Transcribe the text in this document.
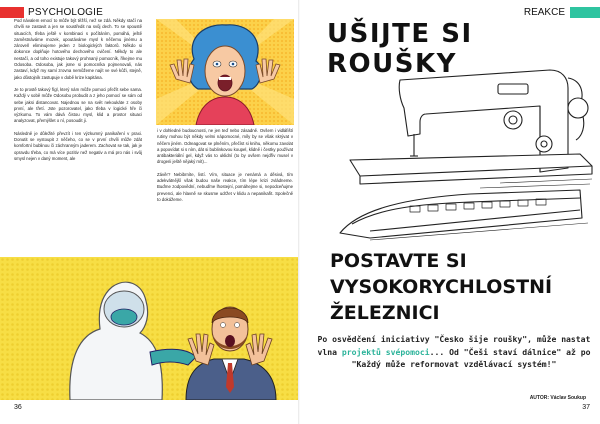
PSYCHOLOGIE

Pod návalem emocí to může být těžší, než se zdá. Někdy stačí na chvíli se zastavit a jen se soustředit na svůj dech. To se spoustě situacích, třeba ještě v kombinaci s počítáním, pomáhá, ještě zaměstnáváme mozek, upoutáváme mysl k něčemu jinému a zároveň eliminujeme jeden z biologických faktorů. Někdo si dokonce doplňuje hotového dechového cvičení. Někdy to ale nestačí, a od toho existuje takový prohnaný pomocník, říkejme mu Odosoba. Odosoba, jak jsme si pomocníka pojmenovali, nás zastaví, když my samí zrovna nemůžeme najít ve své kůži, stejně, jako důstojník zastupuje v době krize kapitána.

Je to prostě takový fígl, který nám může pomoci přežít sebe sama. Každý v sobě může Odosobu probudit a z jeho pomocí se sám od sebe jaksi distancovat. Najednou se na svět nekoukáte z osoby první, ale třetí. Jste pozorovatel, jako třeba v logické hře či výzkumu. To vám dává čistou mysl, klid a prostor situaci analyzovat, přemýšlet o ní, posoudit ji.

Následně je důležité převzít i ten výzkumný panikaření v praxi. Donutit se vystoupit z něčeho, co se v první chvíli může zdát komfortní bublinou či záchranným jaderem. Zachovat se tak, jak je opravdu třeba, co má více pozitiv než negativ a má pro nás i svůj smysl nejen v daný moment, ale

i v dohledné budoucnosti, ne jen teď nebo zásadně. Ovšem i vidláfiští rutiny mohou být někdy velmi nápomocné, míly by se však skrývat v něčem jiném. Odreagovat se plněním, přečíst si knihu, někomu zavolat a popovídat si s ním, dát si bublinkovou koupel, klidně i čestky používat antibakteriální gel, když vás to uklidní (to by ovšem nejdřív musel v drogerii ještě nějaký mít)...

Závěr? Nebibrníte, listí. Vím, situace je nenámá a děsivá, tím adekvátnější však budou naše reakce, tím lépe krizi zvládneme. Buďme zodpovědní, nebuďme lhostejní, pomáhejme si, nepodceňujme prevenci, ale hlavně se skusme udržet v klidu a nepanikařit. Společně to dokážeme.

36
REAKCE
UŠIJTE SI ROUŠKY
POSTAVTE SI
VYSOKORYCHLOSTNÍ
ŽELEZNICI
Po osvědčení iniciativy "Česko šije roušky", může nastat vlna projektů svépomoci... Od "Češi staví dálnice" až po "Každý může reformovat vzdělávací systém!"
AUTOR: Václav Soukup
37
